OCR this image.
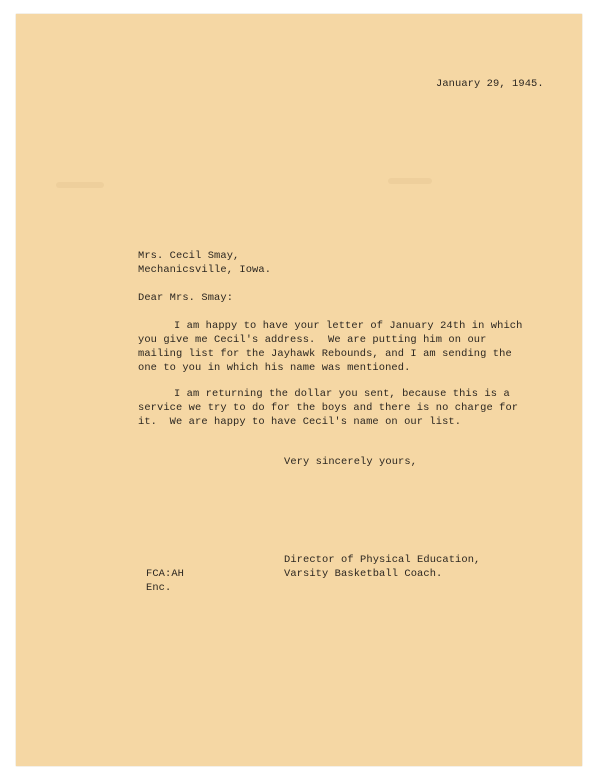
January 29, 1945.
Mrs. Cecil Smay,
Mechanicsville, Iowa.
Dear Mrs. Smay:
I am happy to have your letter of January 24th in which
you give me Cecil's address.  We are putting him on our
mailing list for the Jayhawk Rebounds, and I am sending the
one to you in which his name was mentioned.
I am returning the dollar you sent, because this is a
service we try to do for the boys and there is no charge for
it.  We are happy to have Cecil's name on our list.
Very sincerely yours,
Director of Physical Education,
Varsity Basketball Coach.
FCA:AH
Enc.
